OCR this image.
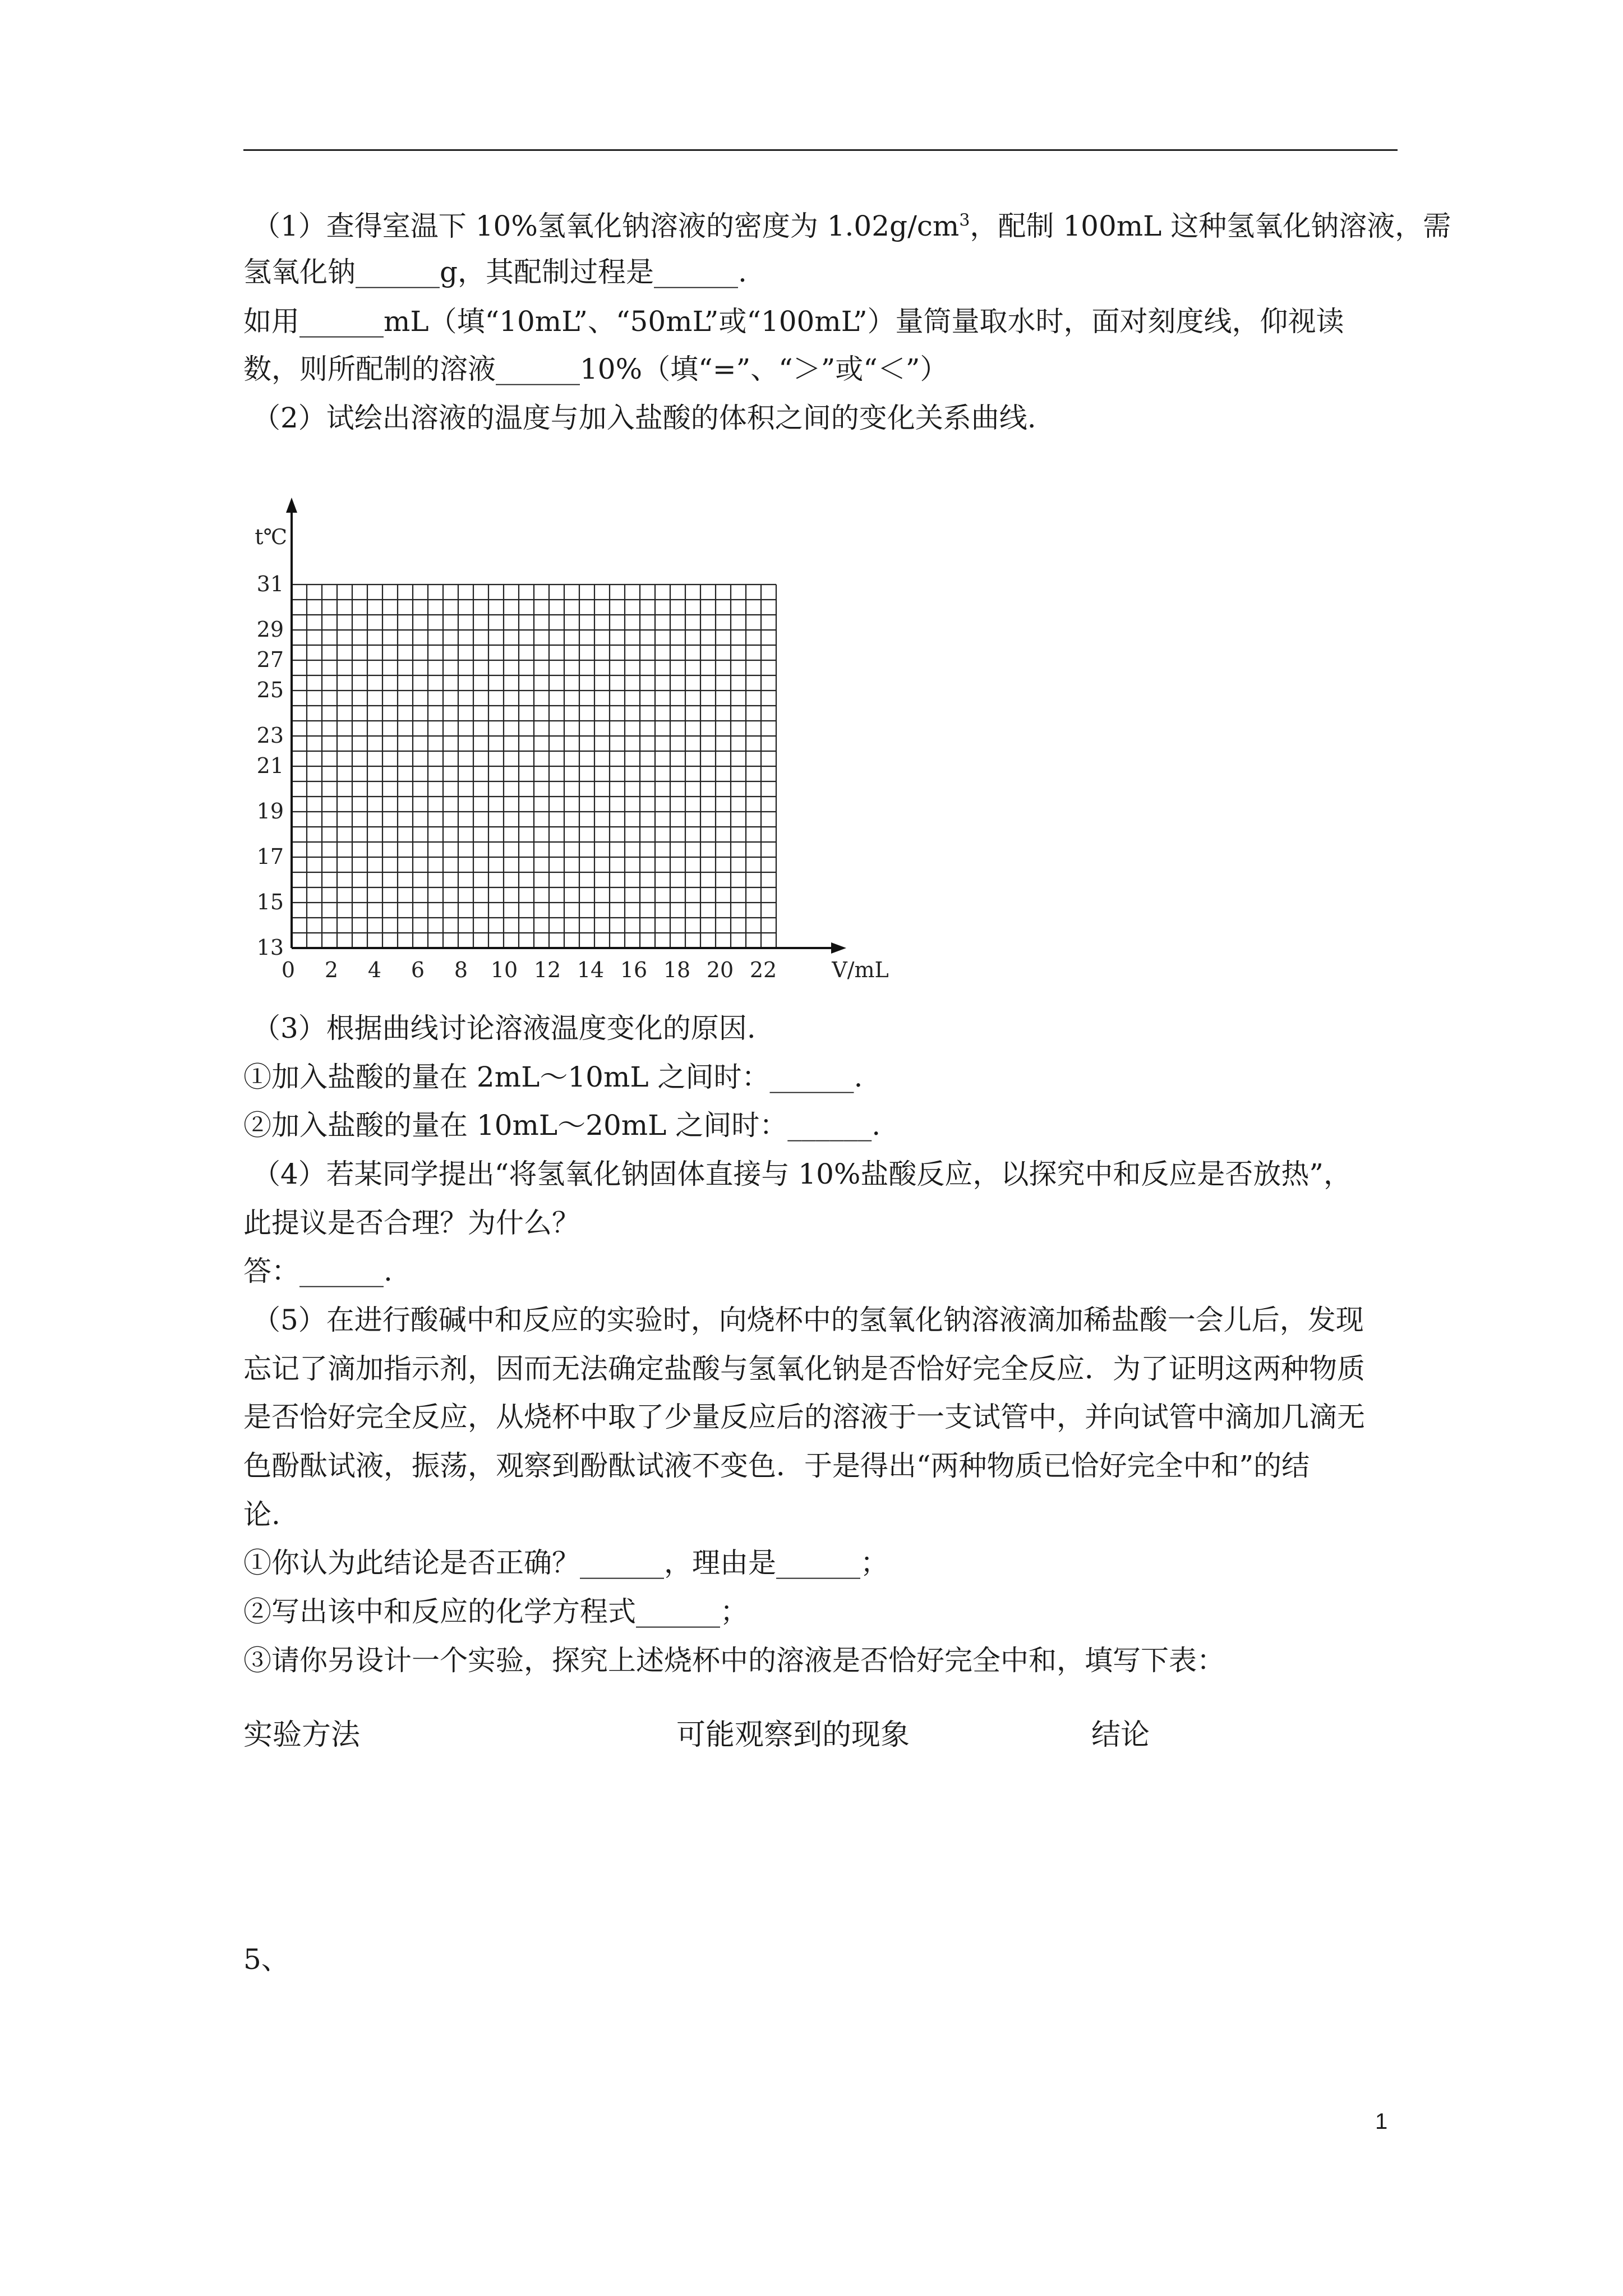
（1）查得室温下 10%氢氧化钠溶液的密度为 $1.02g/cm^3$，配制 100mL 这种氢氧化钠溶液，需
氢氧化钠______g，其配制过程是______.
如用______mL（填“10mL”、“50mL”或“100mL”）量筒量取水时，面对刻度线，仰视读
数，则所配制的溶液______10%（填“=”、“＞”或“＜”）
（2）试绘出溶液的温度与加入盐酸的体积之间的变化关系曲线.
0 2 4 6 8 10 12 14 16 18 20 22
13
15
17
19
21
23
25
27
29
31
V/mL
t℃
（3）根据曲线讨论溶液温度变化的原因.
①加入盐酸的量在 2mL～10mL 之间时：______.
②加入盐酸的量在 10mL～20mL 之间时：______.
（4）若某同学提出“将氢氧化钠固体直接与 10%盐酸反应，以探究中和反应是否放热”，
此提议是否合理？为什么？
答：______.
（5）在进行酸碱中和反应的实验时，向烧杯中的氢氧化钠溶液滴加稀盐酸一会儿后，发现
忘记了滴加指示剂，因而无法确定盐酸与氢氧化钠是否恰好完全反应．为了证明这两种物质
是否恰好完全反应，从烧杯中取了少量反应后的溶液于一支试管中，并向试管中滴加几滴无
色酚酞试液，振荡，观察到酚酞试液不变色．于是得出“两种物质已恰好完全中和”的结
论.
①你认为此结论是否正确？______，理由是______；
②写出该中和反应的化学方程式______；
③请你另设计一个实验，探究上述烧杯中的溶液是否恰好完全中和，填写下表：
实验方法	可能观察到的现象	结论
5、
1
